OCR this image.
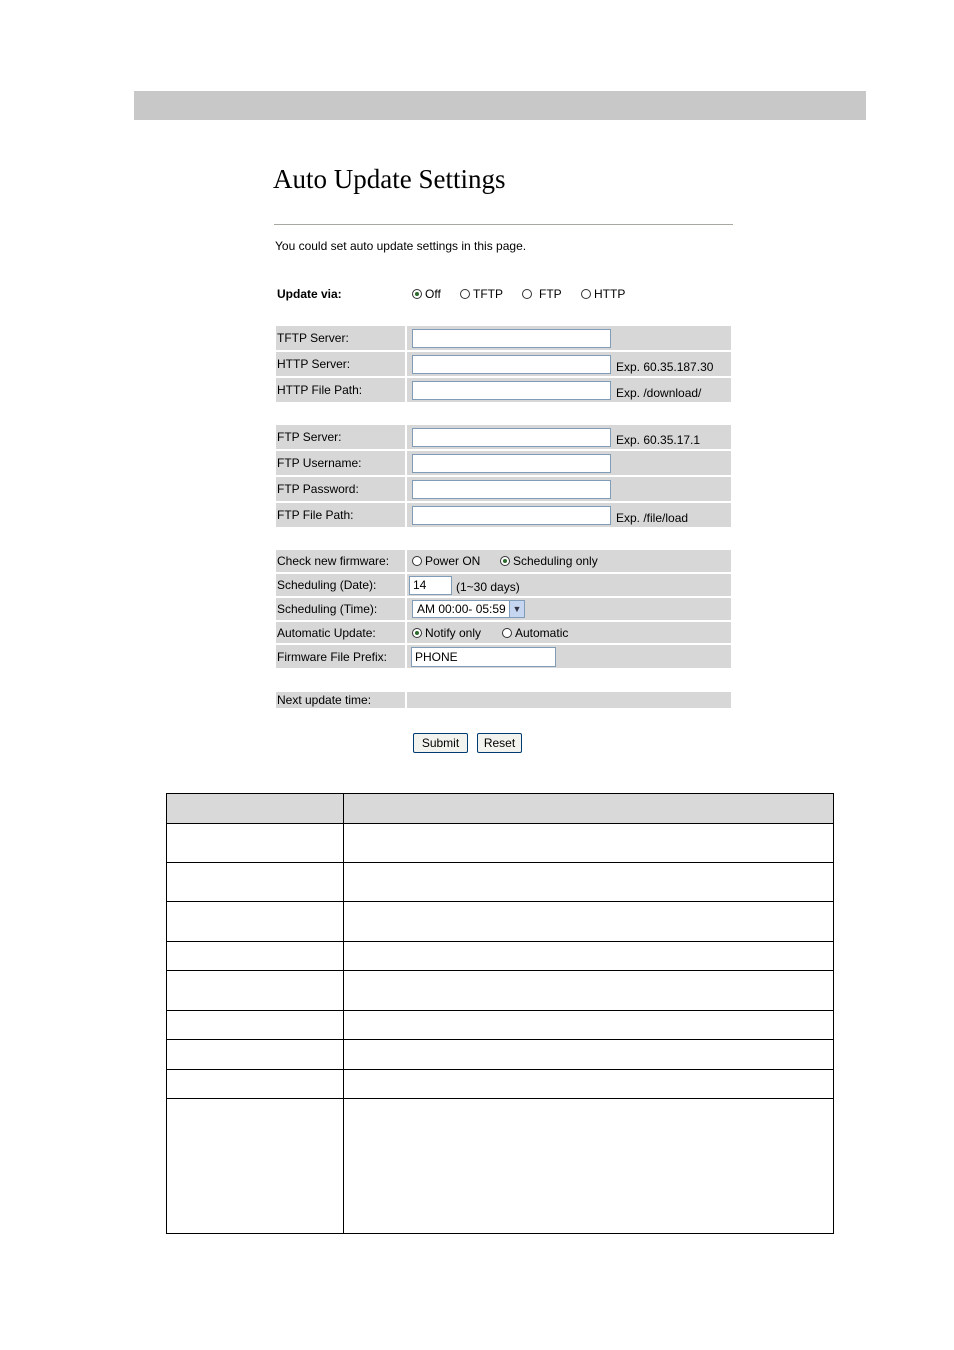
Auto Update Settings
You could set auto update settings in this page.
Update via:	Off	TFTP	FTP	HTTP
TFTP Server:
HTTP Server:	Exp. 60.35.187.30
HTTP File Path:	Exp. /download/
FTP Server:	Exp. 60.35.17.1
FTP Username:
FTP Password:
FTP File Path:	Exp. /file/load
Check new firmware:	Power ON	Scheduling only
Scheduling (Date):	14	(1~30 days)
Scheduling (Time):	AM 00:00- 05:59 ▼
Automatic Update:	Notify only	Automatic
Firmware File Prefix:	PHONE
Next update time:
Submit	Reset
